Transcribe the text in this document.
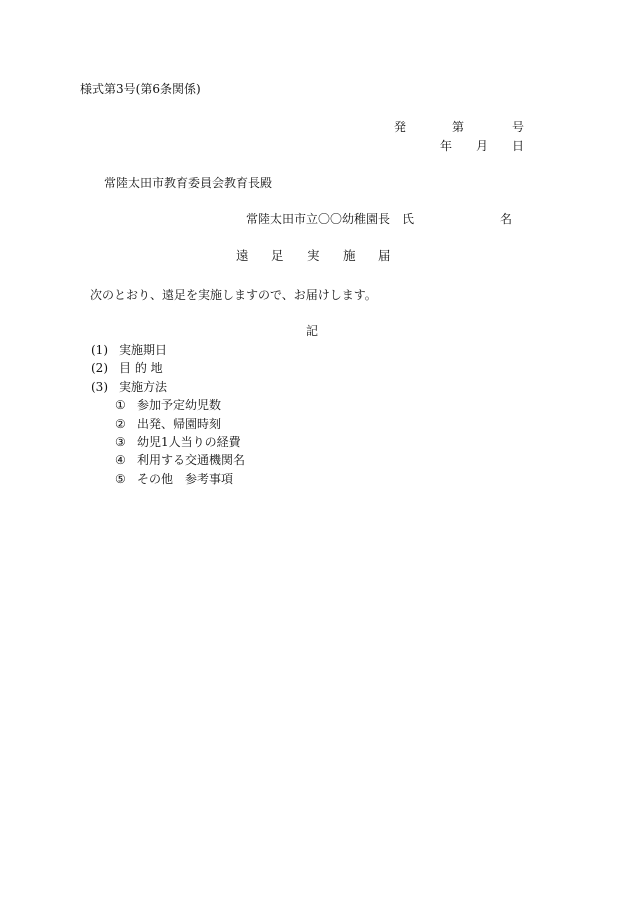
様式第3号(第6条関係)
発	第	号
年 月 日
常陸太田市教育委員会教育長殿
常陸太田市立〇〇幼稚園長　氏	名
遠 足 実 施 届
次のとおり、遠足を実施しますので、お届けします。
記
(1) 実施期日
(2) 目 的 地
(3) 実施方法
① 参加予定幼児数
② 出発、帰園時刻
③ 幼児1人当りの経費
④ 利用する交通機関名
⑤ その他　参考事項
